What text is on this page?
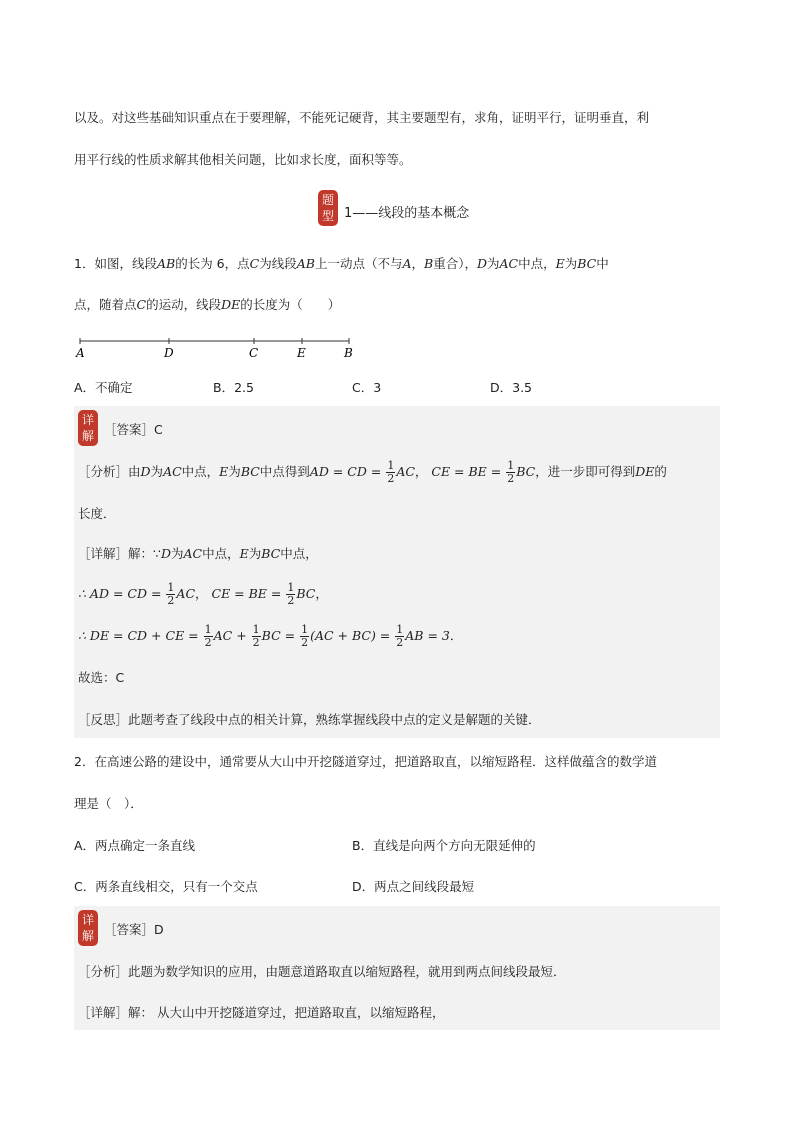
以及。对这些基础知识重点在于要理解，不能死记硬背，其主要题型有，求角，证明平行，证明垂直，利
用平行线的性质求解其他相关问题，比如求长度，面积等等。
题
型 1——线段的基本概念
1．如图，线段AB的长为 6，点C为线段AB上一动点（不与A，B重合），D为AC中点，E为BC中
点，随着点C的运动，线段DE的长度为（　　）
A	D	C	E	B
A．不确定	B．2.5	C．3	D．3.5
详
解 ［答案］C
［分析］由D为AC中点，E为BC中点得到AD = CD = $\frac{1}{2}$ AC， CE = BE = $\frac{1}{2}$ BC，进一步即可得到DE的
长度．
［详解］解：∵D为AC中点，E为BC中点，
∴ AD = CD = $\frac{1}{2}$ AC， CE = BE = $\frac{1}{2}$ BC，
∴ DE = CD + CE = $\frac{1}{2}$ AC + $\frac{1}{2}$ BC = $\frac{1}{2} (AC + BC) = \frac{1}{2}$ AB = 3．
故选：C
［反思］此题考查了线段中点的相关计算，熟练掌握线段中点的定义是解题的关键．
2．在高速公路的建设中，通常要从大山中开挖隧道穿过，把道路取直，以缩短路程．这样做蕴含的数学道
理是（　）．
A．两点确定一条直线	B．直线是向两个方向无限延伸的
C．两条直线相交，只有一个交点	D．两点之间线段最短
详
解 ［答案］D
［分析］此题为数学知识的应用，由题意道路取直以缩短路程，就用到两点间线段最短．
［详解］解： 从大山中开挖隧道穿过，把道路取直，以缩短路程，
